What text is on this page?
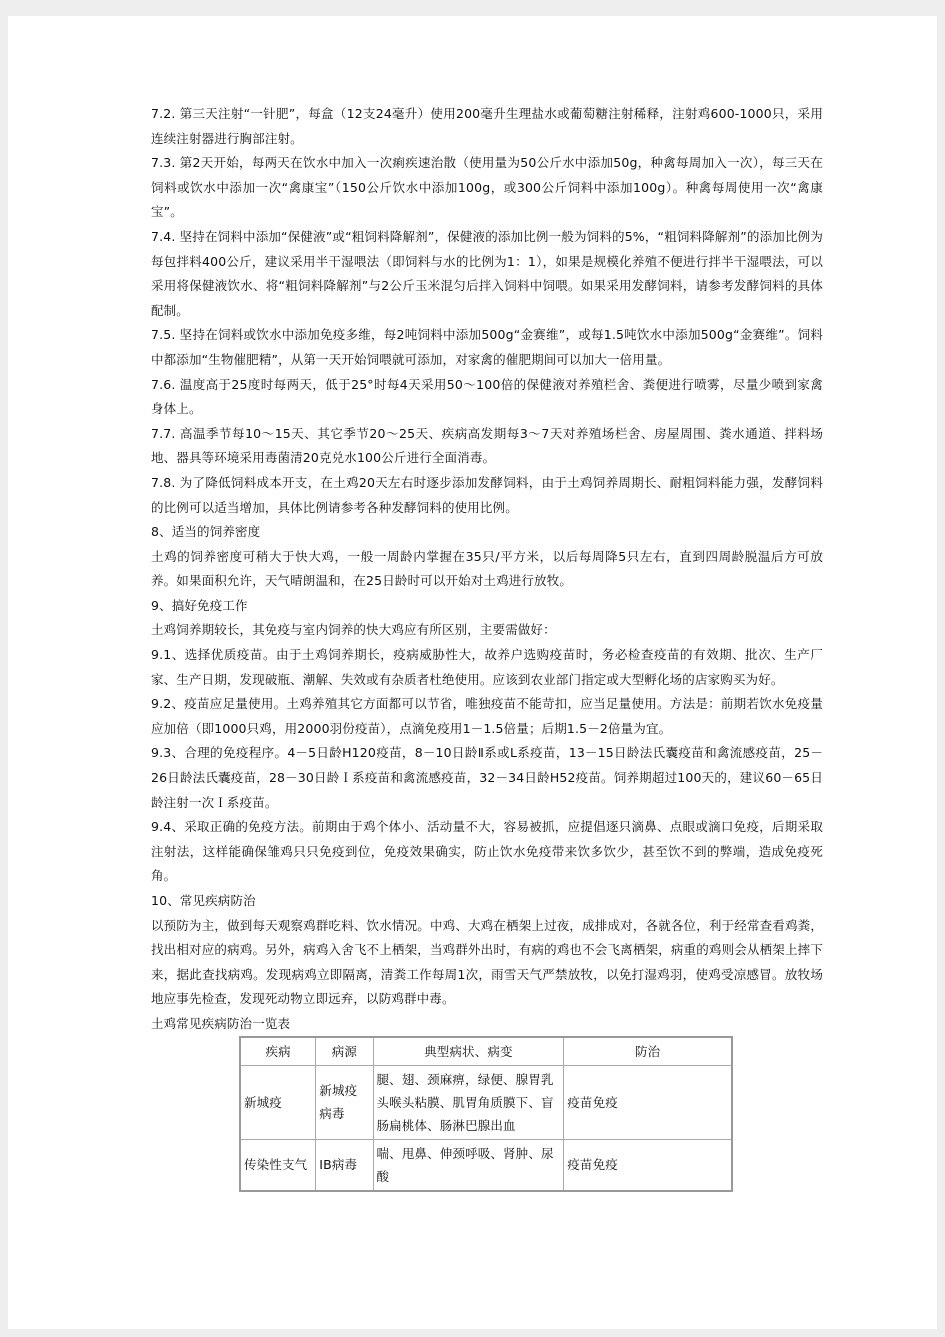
7.2. 第三天注射“一针肥”，每盒（12支24毫升）使用200毫升生理盐水或葡萄糖注射稀释，注射鸡600-1000只，采用连续注射器进行胸部注射。

7.3. 第2天开始，每两天在饮水中加入一次痢疾速治散（使用量为50公斤水中添加50g，种禽每周加入一次），每三天在饲料或饮水中添加一次“禽康宝”（150公斤饮水中添加100g，或300公斤饲料中添加100g）。种禽每周使用一次“禽康宝”。

7.4. 坚持在饲料中添加“保健液”或“粗饲料降解剂”，保健液的添加比例一般为饲料的5%，“粗饲料降解剂”的添加比例为每包拌料400公斤，建议采用半干湿喂法（即饲料与水的比例为1：1），如果是规模化养殖不便进行拌半干湿喂法，可以采用将保健液饮水、将“粗饲料降解剂”与2公斤玉米混匀后拌入饲料中饲喂。如果采用发酵饲料，请参考发酵饲料的具体配制。

7.5. 坚持在饲料或饮水中添加免疫多维，每2吨饲料中添加500g“金赛维”，或每1.5吨饮水中添加500g“金赛维”。饲料中都添加“生物催肥精”，从第一天开始饲喂就可添加，对家禽的催肥期间可以加大一倍用量。

7.6. 温度高于25度时每两天，低于25°时每4天采用50～100倍的保健液对养殖栏舍、粪便进行喷雾，尽量少喷到家禽身体上。

7.7. 高温季节每10～15天、其它季节20～25天、疾病高发期每3～7天对养殖场栏舍、房屋周围、粪水通道、拌料场地、器具等环境采用毒菌清20克兑水100公斤进行全面消毒。

7.8. 为了降低饲料成本开支，在土鸡20天左右时逐步添加发酵饲料，由于土鸡饲养周期长、耐粗饲料能力强，发酵饲料的比例可以适当增加，具体比例请参考各种发酵饲料的使用比例。

8、适当的饲养密度

土鸡的饲养密度可稍大于快大鸡，一般一周龄内掌握在35只/平方米，以后每周降5只左右，直到四周龄脱温后方可放养。如果面积允许，天气晴朗温和，在25日龄时可以开始对土鸡进行放牧。

9、搞好免疫工作

土鸡饲养期较长，其免疫与室内饲养的快大鸡应有所区别，主要需做好：

9.1、选择优质疫苗。由于土鸡饲养期长，疫病威胁性大，故养户选购疫苗时，务必检查疫苗的有效期、批次、生产厂家、生产日期，发现破瓶、潮解、失效或有杂质者杜绝使用。应该到农业部门指定或大型孵化场的店家购买为好。

9.2、疫苗应足量使用。土鸡养殖其它方面都可以节省，唯独疫苗不能苛扣，应当足量使用。方法是：前期若饮水免疫量应加倍（即1000只鸡，用2000羽份疫苗），点滴免疫用1－1.5倍量；后期1.5－2倍量为宜。

9.3、合理的免疫程序。4－5日龄H120疫苗，8－10日龄Ⅱ系或L系疫苗，13－15日龄法氏囊疫苗和禽流感疫苗，25－26日龄法氏囊疫苗，28－30日龄Ｉ系疫苗和禽流感疫苗，32－34日龄H52疫苗。饲养期超过100天的，建议60－65日龄注射一次Ｉ系疫苗。

9.4、采取正确的免疫方法。前期由于鸡个体小、活动量不大，容易被抓，应提倡逐只滴鼻、点眼或滴口免疫，后期采取注射法，这样能确保雏鸡只只免疫到位，免疫效果确实，防止饮水免疫带来饮多饮少，甚至饮不到的弊端，造成免疫死角。

10、常见疾病防治

以预防为主，做到每天观察鸡群吃料、饮水情况。中鸡、大鸡在栖架上过夜，成排成对，各就各位，利于经常查看鸡粪，找出相对应的病鸡。另外，病鸡入舍飞不上栖架，当鸡群外出时，有病的鸡也不会飞离栖架，病重的鸡则会从栖架上摔下来，据此查找病鸡。发现病鸡立即隔离，清粪工作每周1次，雨雪天气严禁放牧，以免打湿鸡羽，使鸡受凉感冒。放牧场地应事先检查，发现死动物立即远弃，以防鸡群中毒。

土鸡常见疾病防治一览表

疾病	病源	典型病状、病变	防治
新城疫	新城疫病毒	腿、翅、颈麻痹，绿便、腺胃乳头喉头粘膜、肌胃角质膜下、盲肠扁桃体、肠淋巴腺出血	疫苗免疫
传染性支气	IB病毒	喘、甩鼻、伸颈呼吸、肾肿、尿酸	疫苗免疫
